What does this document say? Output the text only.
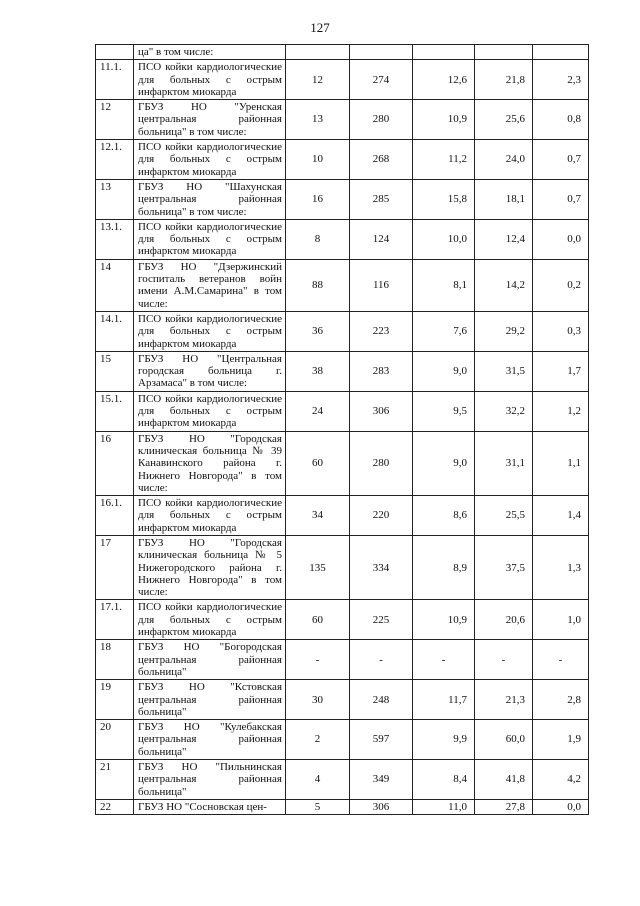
127
	ца" в том числе:					
11.1.	ПСО койки кардиологические для больных с острым инфарктом миокарда	12	274	12,6	21,8	2,3
12	ГБУЗ НО "Уренская центральная районная больница" в том числе:	13	280	10,9	25,6	0,8
12.1.	ПСО койки кардиологические для больных с острым инфарктом миокарда	10	268	11,2	24,0	0,7
13	ГБУЗ НО "Шахунская центральная районная больница" в том числе:	16	285	15,8	18,1	0,7
13.1.	ПСО койки кардиологические для больных с острым инфарктом миокарда	8	124	10,0	12,4	0,0
14	ГБУЗ НО "Дзержинский госпиталь ветеранов войн имени А.М.Самарина" в том числе:	88	116	8,1	14,2	0,2
14.1.	ПСО койки кардиологические для больных с острым инфарктом миокарда	36	223	7,6	29,2	0,3
15	ГБУЗ НО "Центральная городская больница г. Арзамаса" в том числе:	38	283	9,0	31,5	1,7
15.1.	ПСО койки кардиологические для больных с острым инфарктом миокарда	24	306	9,5	32,2	1,2
16	ГБУЗ НО "Городская клиническая больница № 39 Канавинского района г. Нижнего Новгорода" в том числе:	60	280	9,0	31,1	1,1
16.1.	ПСО койки кардиологические для больных с острым инфарктом миокарда	34	220	8,6	25,5	1,4
17	ГБУЗ НО "Городская клиническая больница № 5 Нижегородского района г. Нижнего Новгорода" в том числе:	135	334	8,9	37,5	1,3
17.1.	ПСО койки кардиологические для больных с острым инфарктом миокарда	60	225	10,9	20,6	1,0
18	ГБУЗ НО "Богородская центральная районная больница"	-	-	-	-	-
19	ГБУЗ НО "Кстовская центральная районная больница"	30	248	11,7	21,3	2,8
20	ГБУЗ НО "Кулебакская центральная районная больница"	2	597	9,9	60,0	1,9
21	ГБУЗ НО "Пильнинская центральная районная больница"	4	349	8,4	41,8	4,2
22	ГБУЗ НО "Сосновская цен-	5	306	11,0	27,8	0,0
